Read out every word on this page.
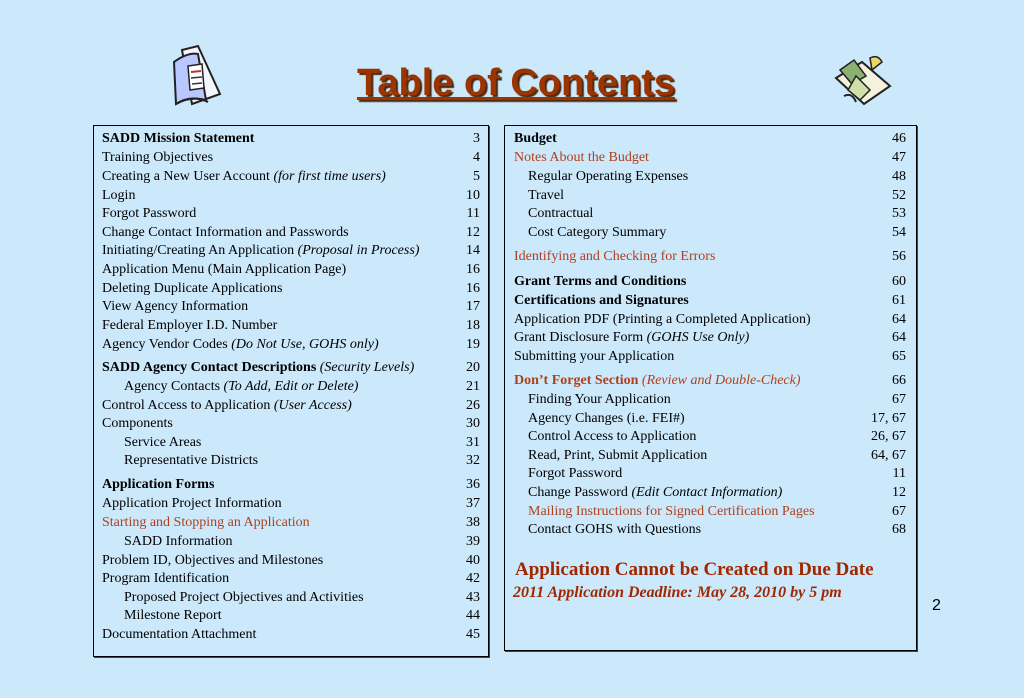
Table of Contents
SADD Mission Statement	3
Training Objectives	4
Creating a New User Account (for first time users)	5
Login	10
Forgot Password	11
Change Contact Information and Passwords	12
Initiating/Creating An Application (Proposal in Process)	14
Application Menu (Main Application Page)	16
Deleting Duplicate Applications	16
View Agency Information	17
Federal Employer I.D. Number	18
Agency Vendor Codes (Do Not Use, GOHS only)	19
SADD Agency Contact Descriptions (Security Levels)	20
Agency Contacts (To Add, Edit or Delete)	21
Control Access to Application (User Access)	26
Components	30
Service Areas	31
Representative Districts	32
Application Forms	36
Application Project Information	37
Starting and Stopping an Application	38
SADD Information	39
Problem ID, Objectives and Milestones	40
Program Identification	42
Proposed Project Objectives and Activities	43
Milestone Report	44
Documentation Attachment	45
Budget	46
Notes About the Budget	47
Regular Operating Expenses	48
Travel	52
Contractual	53
Cost Category Summary	54
Identifying and Checking for Errors	56
Grant Terms and Conditions	60
Certifications and Signatures	61
Application PDF (Printing a Completed Application)	64
Grant Disclosure Form (GOHS Use Only)	64
Submitting your Application	65
Don’t Forget Section (Review and Double-Check)	66
Finding Your Application	67
Agency Changes (i.e. FEI#)	17, 67
Control Access to Application	26, 67
Read, Print, Submit Application	64, 67
Forgot Password	11
Change Password (Edit Contact Information)	12
Mailing Instructions for Signed Certification Pages	67
Contact GOHS with Questions	68
Application Cannot be Created on Due Date
2011 Application Deadline: May 28, 2010 by 5 pm
2
